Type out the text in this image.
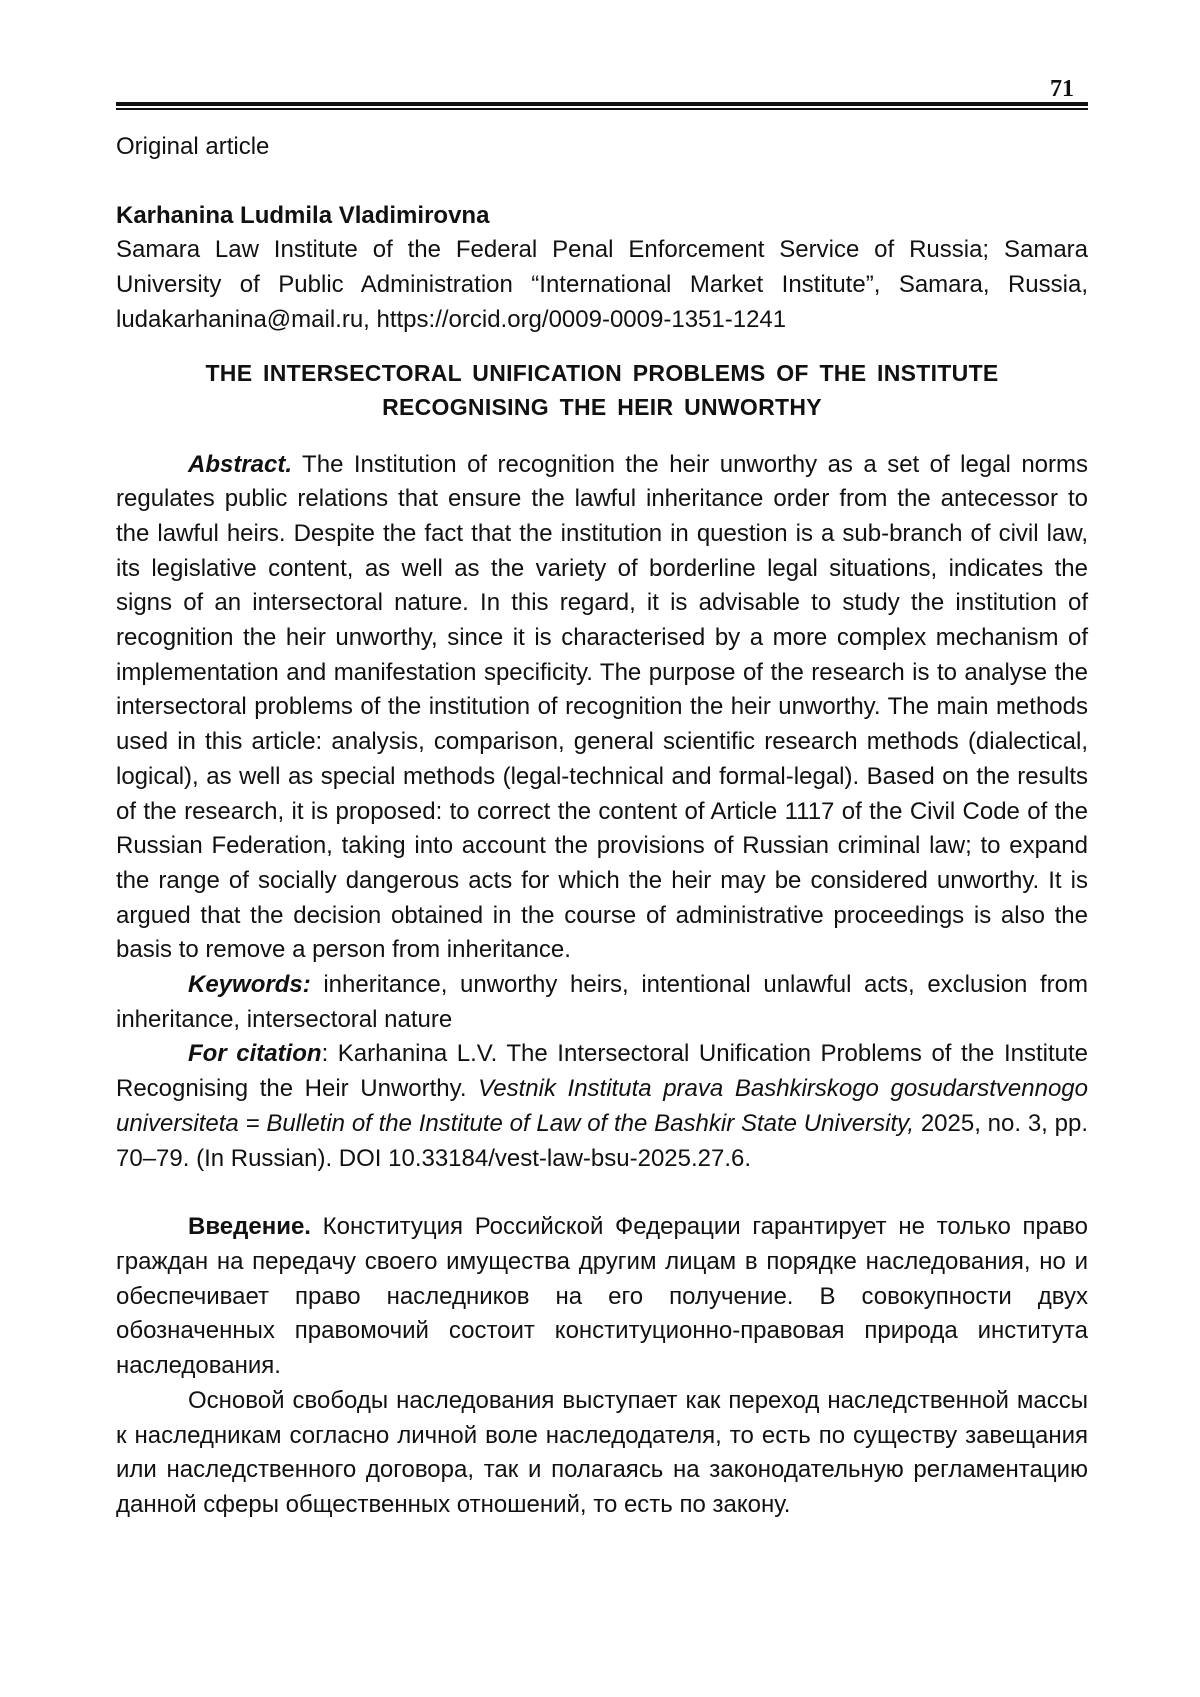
71

Original article

Karhanina Ludmila Vladimirovna

Samara Law Institute of the Federal Penal Enforcement Service of Russia; Samara University of Public Administration “International Market Institute”, Samara, Russia, ludakarhanina@mail.ru, https://orcid.org/0009-0009-1351-1241

THE INTERSECTORAL UNIFICATION PROBLEMS OF THE INSTITUTE
RECOGNISING THE HEIR UNWORTHY

Abstract. The Institution of recognition the heir unworthy as a set of legal norms regulates public relations that ensure the lawful inheritance order from the antecessor to the lawful heirs. Despite the fact that the institution in question is a sub-branch of civil law, its legislative content, as well as the variety of borderline legal situations, indicates the signs of an intersectoral nature. In this regard, it is advisable to study the institution of recognition the heir unworthy, since it is characterised by a more complex mechanism of implementation and manifestation specificity. The purpose of the research is to analyse the intersectoral problems of the institution of recognition the heir unworthy. The main methods used in this article: analysis, comparison, general scientific research methods (dialectical, logical), as well as special methods (legal-technical and formal-legal). Based on the results of the research, it is proposed: to correct the content of Article 1117 of the Civil Code of the Russian Federation, taking into account the provisions of Russian criminal law; to expand the range of socially dangerous acts for which the heir may be considered unworthy. It is argued that the decision obtained in the course of administrative proceedings is also the basis to remove a person from inheritance.

Keywords: inheritance, unworthy heirs, intentional unlawful acts, exclusion from inheritance, intersectoral nature

For citation: Karhanina L.V. The Intersectoral Unification Problems of the Institute Recognising the Heir Unworthy. Vestnik Instituta prava Bashkirskogo gosudarstvennogo universiteta = Bulletin of the Institute of Law of the Bashkir State University, 2025, no. 3, pp. 70–79. (In Russian). DOI 10.33184/vest-law-bsu-2025.27.6.

Введение. Конституция Российской Федерации гарантирует не только право граждан на передачу своего имущества другим лицам в порядке наследования, но и обеспечивает право наследников на его получение. В совокупности двух обозначенных правомочий состоит конституционно-правовая природа института наследования.

Основой свободы наследования выступает как переход наследственной массы к наследникам согласно личной воле наследодателя, то есть по существу завещания или наследственного договора, так и полагаясь на законодательную регламентацию данной сферы общественных отношений, то есть по закону.
